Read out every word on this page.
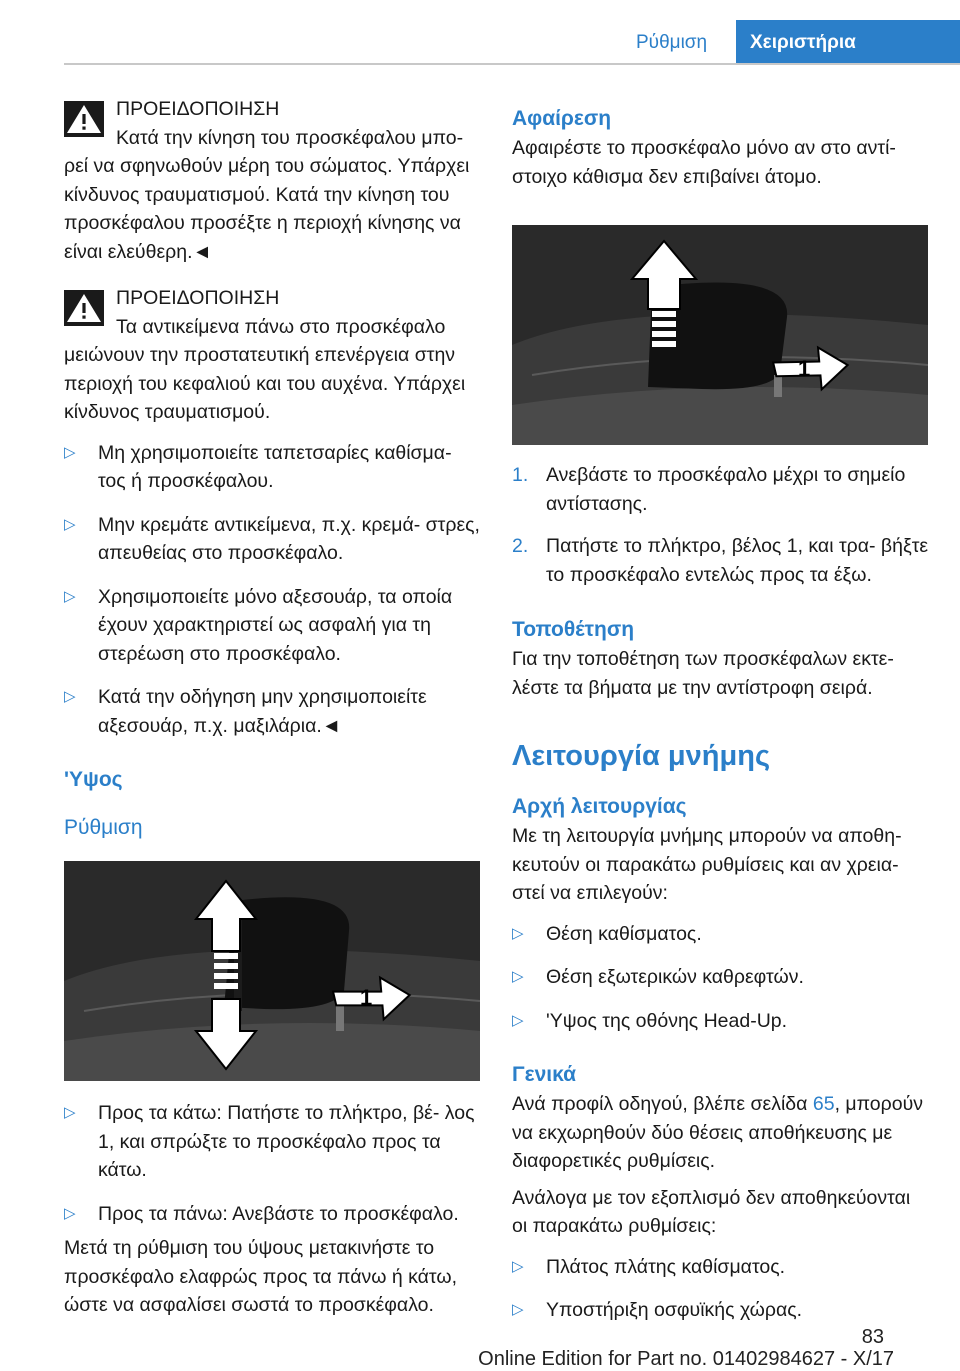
Ρύθμιση	Χειριστήρια

ΠΡΟΕΙΔΟΠΟΙΗΣΗ
Κατά την κίνηση του προσκέφαλου μπο‐ ρεί να σφηνωθούν μέρη του σώματος. Υπάρχει κίνδυνος τραυματισμού. Κατά την κίνηση του προσκέφαλου προσέξτε η περιοχή κίνησης να είναι ελεύθερη.◄

ΠΡΟΕΙΔΟΠΟΙΗΣΗ
Τα αντικείμενα πάνω στο προσκέφαλο μειώνουν την προστατευτική επενέργεια στην περιοχή του κεφαλιού και του αυχένα. Υπάρχει κίνδυνος τραυματισμού.

▷ Μη χρησιμοποιείτε ταπετσαρίες καθίσμα‐ τος ή προσκέφαλου.
▷ Μην κρεμάτε αντικείμενα, π.χ. κρεμά‐ στρες, απευθείας στο προσκέφαλο.
▷ Χρησιμοποιείτε μόνο αξεσουάρ, τα οποία έχουν χαρακτηριστεί ως ασφαλή για τη στερέωση στο προσκέφαλο.
▷ Κατά την οδήγηση μην χρησιμοποιείτε αξεσουάρ, π.χ. μαξιλάρια.◄
'Υψος
Ρύθμιση
1
▷ Προς τα κάτω: Πατήστε το πλήκτρο, βέ‐ λος 1, και σπρώξτε το προσκέφαλο προς τα κάτω.
▷ Προς τα πάνω: Ανεβάστε το προσκέφαλο.

Μετά τη ρύθμιση του ύψους μετακινήστε το προσκέφαλο ελαφρώς προς τα πάνω ή κάτω, ώστε να ασφαλίσει σωστά το προσκέφαλο.

Αφαίρεση

Αφαιρέστε το προσκέφαλο μόνο αν στο αντί‐ στοιχο κάθισμα δεν επιβαίνει άτομο.

1
1. Ανεβάστε το προσκέφαλο μέχρι το σημείο αντίστασης.
2. Πατήστε το πλήκτρο, βέλος 1, και τρα‐ βήξτε το προσκέφαλο εντελώς προς τα έξω.
Τοποθέτηση

Για την τοποθέτηση των προσκέφαλων εκτε‐ λέστε τα βήματα με την αντίστροφη σειρά.

Λειτουργία μνήμης
Αρχή λειτουργίας

Με τη λειτουργία μνήμης μπορούν να αποθη‐ κευτούν οι παρακάτω ρυθμίσεις και αν χρεια‐ στεί να επιλεγούν:

▷ Θέση καθίσματος.
▷ Θέση εξωτερικών καθρεφτών.
▷ 'Υψος της οθόνης Head-Up.
Γενικά

Ανά προφίλ οδηγού, βλέπε σελίδα 65, μπορούν να εκχωρηθούν δύο θέσεις αποθήκευσης με διαφορετικές ρυθμίσεις.

Ανάλογα με τον εξοπλισμό δεν αποθηκεύονται οι παρακάτω ρυθμίσεις:

▷ Πλάτος πλάτης καθίσματος.
▷ Υποστήριξη οσφυϊκής χώρας.
83
Online Edition for Part no. 01402984627 - X/17
